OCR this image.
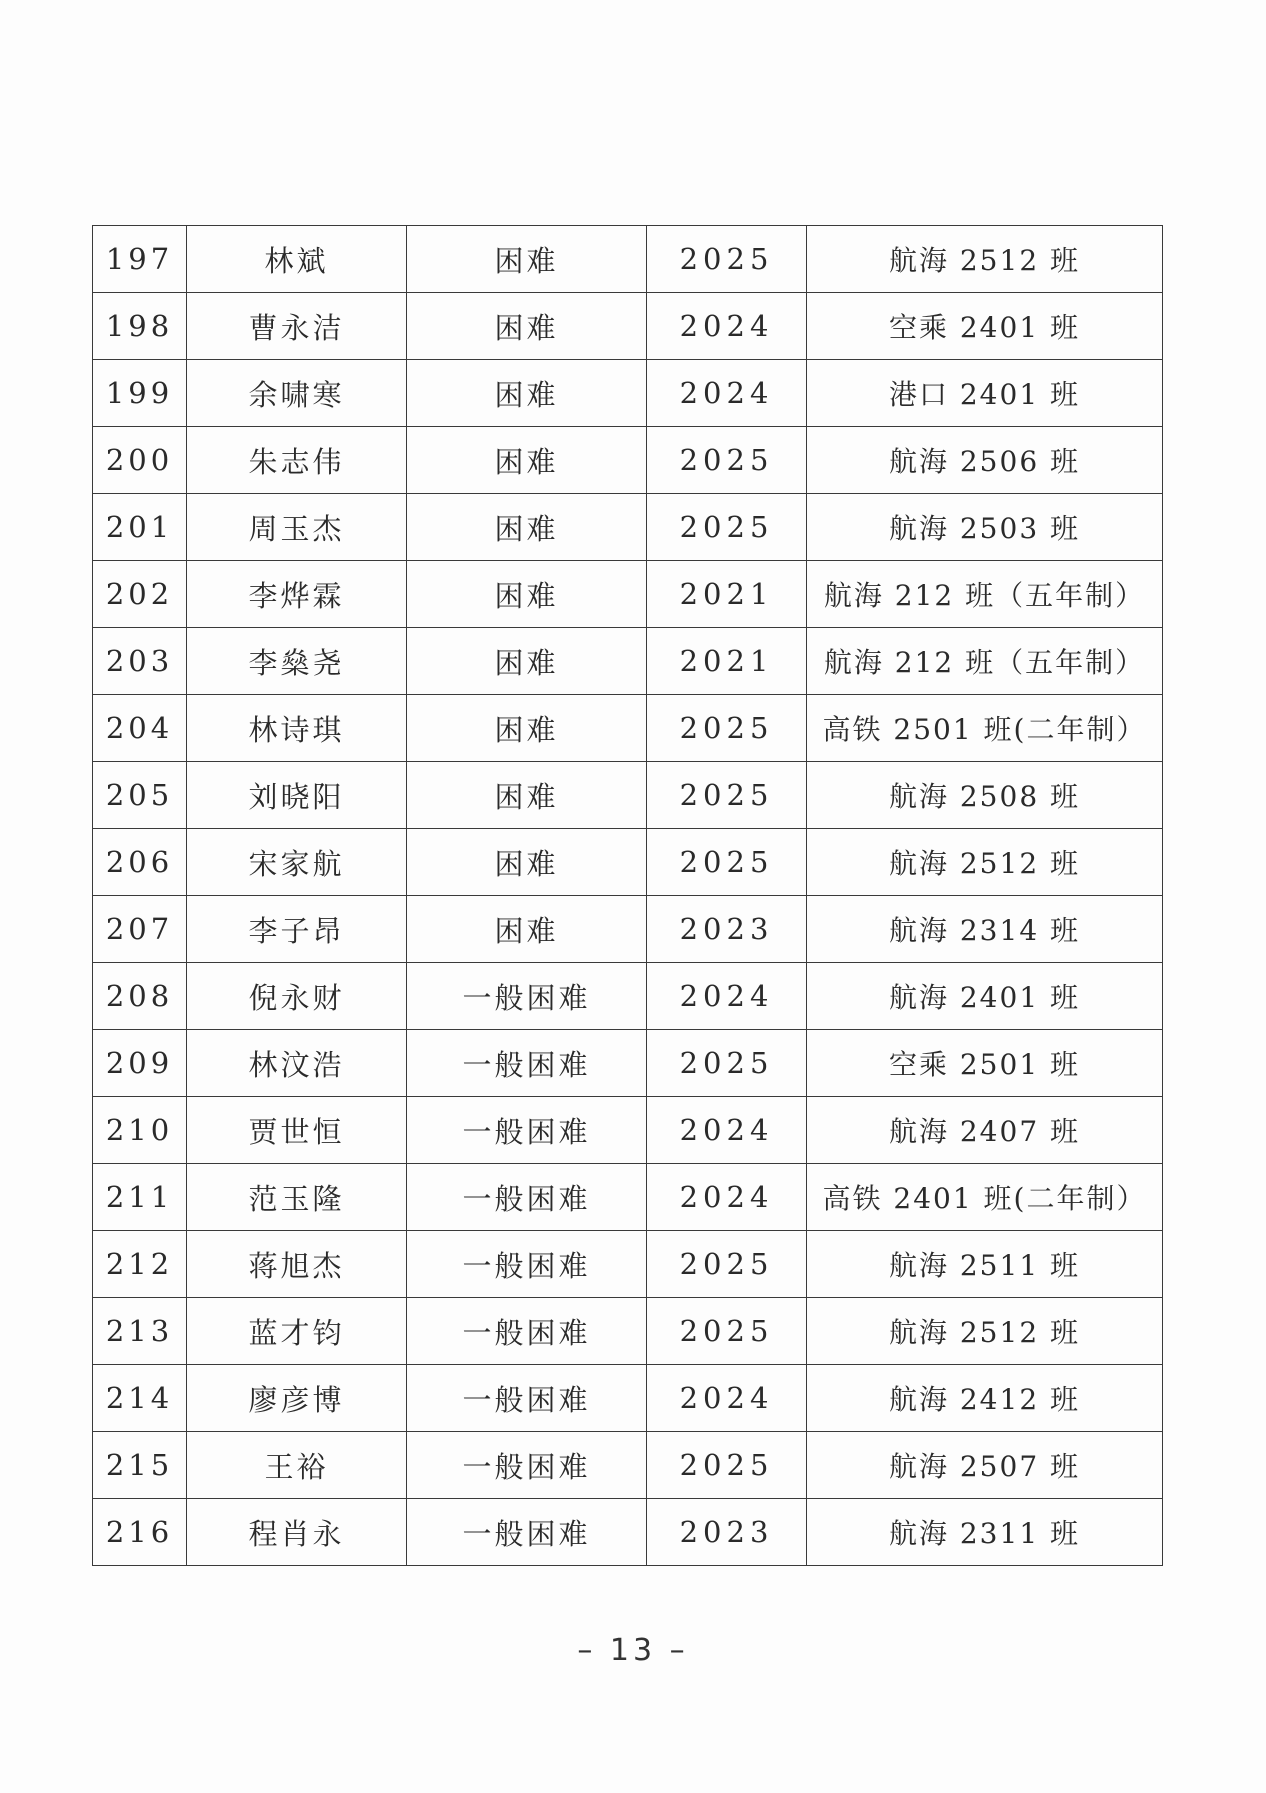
197	林斌	困难	2025	航海 2512 班
198	曹永洁	困难	2024	空乘 2401 班
199	余啸寒	困难	2024	港口 2401 班
200	朱志伟	困难	2025	航海 2506 班
201	周玉杰	困难	2025	航海 2503 班
202	李烨霖	困难	2021	航海 212 班（五年制）
203	李燊尧	困难	2021	航海 212 班（五年制）
204	林诗琪	困难	2025	高铁 2501 班(二年制）
205	刘晓阳	困难	2025	航海 2508 班
206	宋家航	困难	2025	航海 2512 班
207	李子昂	困难	2023	航海 2314 班
208	倪永财	一般困难	2024	航海 2401 班
209	林汶浩	一般困难	2025	空乘 2501 班
210	贾世恒	一般困难	2024	航海 2407 班
211	范玉隆	一般困难	2024	高铁 2401 班(二年制）
212	蒋旭杰	一般困难	2025	航海 2511 班
213	蓝才钧	一般困难	2025	航海 2512 班
214	廖彦博	一般困难	2024	航海 2412 班
215	王裕	一般困难	2025	航海 2507 班
216	程肖永	一般困难	2023	航海 2311 班
– 13 –
